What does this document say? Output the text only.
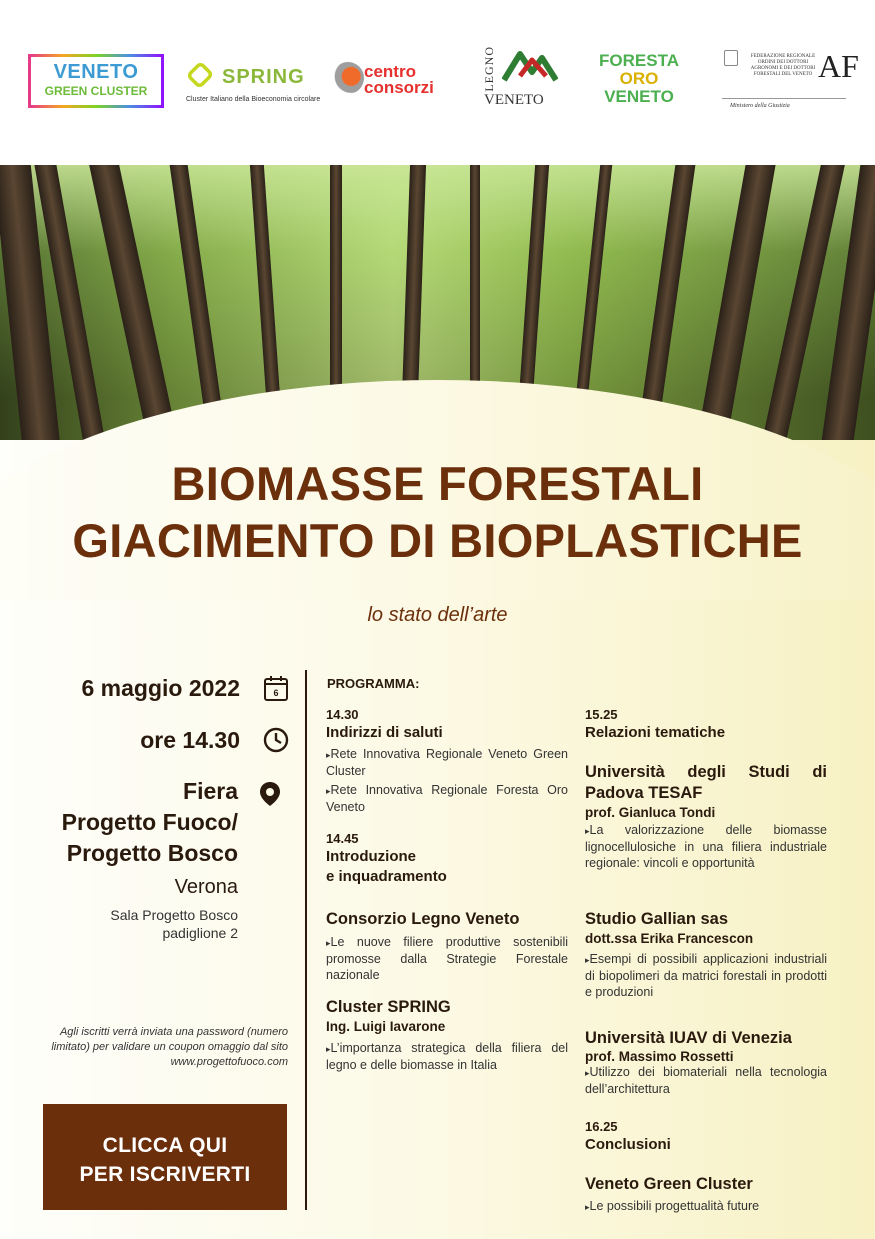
VENETO
GREEN CLUSTER
SPRING
Cluster Italiano della Bioeconomia circolare
centro
consorzi	LEGNO
VENETO
FORESTA
ORO
VENETO
FEDERAZIONE REGIONALE ORDINI DEI DOTTORI AGRONOMI E DEI DOTTORI FORESTALI DEL VENETO AF
Ministero della Giustizia
BIOMASSE FORESTALI
GIACIMENTO DI BIOPLASTICHE
lo stato dell’arte
6 maggio 2022	6
ore 14.30
Fiera
Progetto Fuoco/
Progetto Bosco
Verona
Sala Progetto Bosco
padiglione 2
Agli iscritti verrà inviata una password (numero limitato) per validare un coupon omaggio dal sito www.progettofuoco.com
CLICCA QUI
PER ISCRIVERTI
PROGRAMMA:
14.30
Indirizzi di saluti
▸ Rete Innovativa Regionale Veneto Green Cluster
▸ Rete Innovativa Regionale Foresta Oro Veneto
14.45
Introduzione
e inquadramento
Consorzio Legno Veneto
▸ Le nuove filiere produttive sostenibili promosse dalla Strategie Forestale nazionale
Cluster SPRING
Ing. Luigi Iavarone
▸ L’importanza strategica della filiera del legno e delle biomasse in Italia
15.25
Relazioni tematiche
Università degli Studi di Padova TESAF
prof. Gianluca Tondi
▸ La valorizzazione delle biomasse lignocellulosiche in una filiera industriale regionale: vincoli e opportunità
Studio Gallian sas
dott.ssa Erika Francescon
▸ Esempi di possibili applicazioni industriali di biopolimeri da matrici forestali in prodotti e produzioni
Università IUAV di Venezia
prof. Massimo Rossetti
▸ Utilizzo dei biomateriali nella tecnologia dell’architettura
16.25
Conclusioni
Veneto Green Cluster
▸ Le possibili progettualità future
